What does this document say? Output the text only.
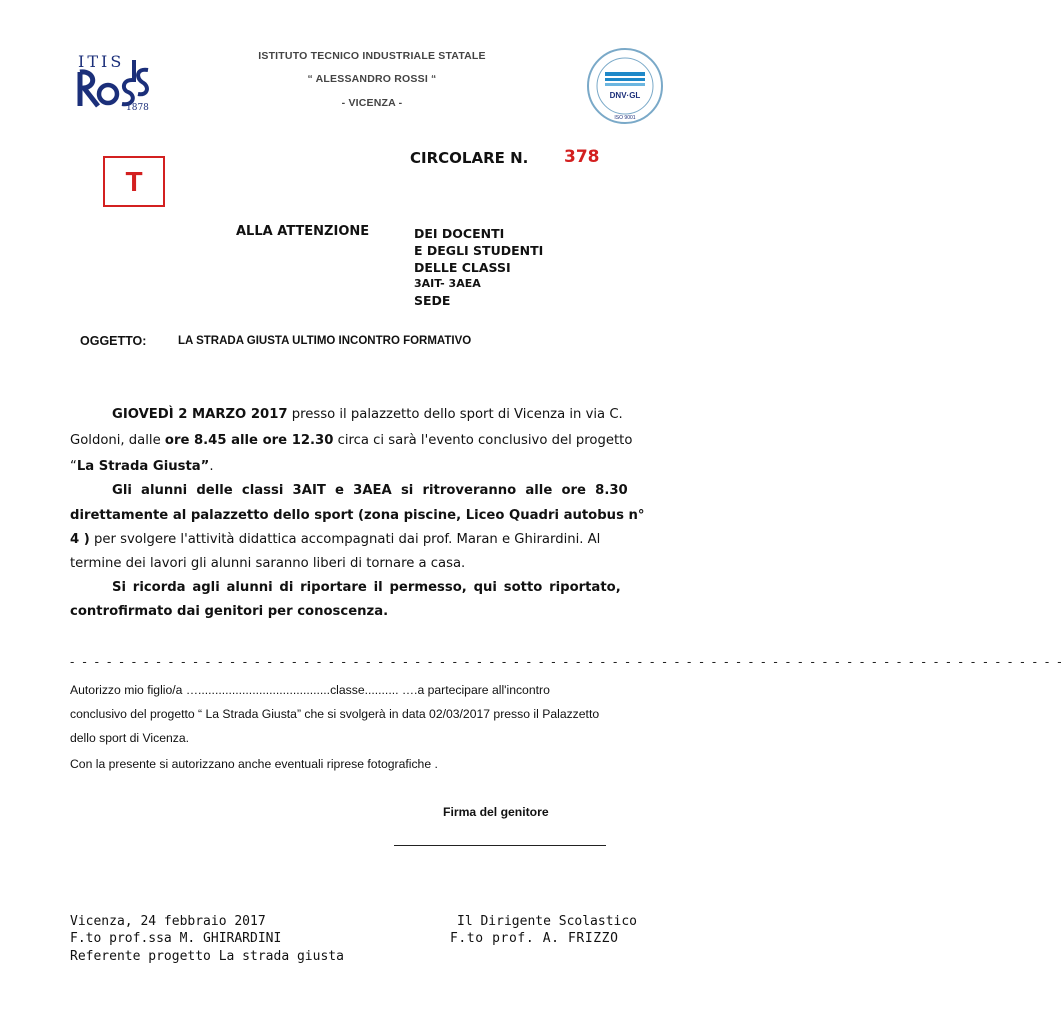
ITIS
1878
ISTITUTO TECNICO INDUSTRIALE STATALE
“ ALESSANDRO ROSSI “
- VICENZA -
DNV·GL
ISO 9001
T
CIRCOLARE N. 378
ALLA ATTENZIONE	DEI DOCENTI
E DEGLI STUDENTI
DELLE CLASSI
3AIT- 3AEA
SEDE
OGGETTO:	LA STRADA GIUSTA ULTIMO INCONTRO FORMATIVO
GIOVEDÌ 2 MARZO 2017 presso il palazzetto dello sport di Vicenza in via C.
Goldoni, dalle ore 8.45 alle ore 12.30 circa ci sarà l'evento conclusivo del progetto
“La Strada Giusta”.
Gli alunni delle classi 3AIT e 3AEA si ritroveranno alle ore 8.30
direttamente al palazzetto dello sport (zona piscine, Liceo Quadri autobus n°
4 ) per svolgere l'attività didattica accompagnati dai prof. Maran e Ghirardini. Al
termine dei lavori gli alunni saranno liberi di tornare a casa.
Si ricorda agli alunni di riportare il permesso, qui sotto riportato,
controfirmato dai genitori per conoscenza.
- - - - - - - - - - - - - - - - - - - - - - - - - - - - - - - - - - - - - - - - - - - - - - - - - - - - - - - - - - - - - - - - - - - - - - - - - - - - - - - - -
Autorizzo mio figlio/a ….......................................classe.......... ….a partecipare all'incontro
conclusivo del progetto “ La Strada Giusta” che si svolgerà in data 02/03/2017 presso il Palazzetto
dello sport di Vicenza.
Con la presente si autorizzano anche eventuali riprese fotografiche .
Firma del genitore
Vicenza, 24 febbraio 2017
F.to prof.ssa M. GHIRARDINI
Referente progetto La strada giusta
Il Dirigente Scolastico
F.to prof. A. FRIZZO
